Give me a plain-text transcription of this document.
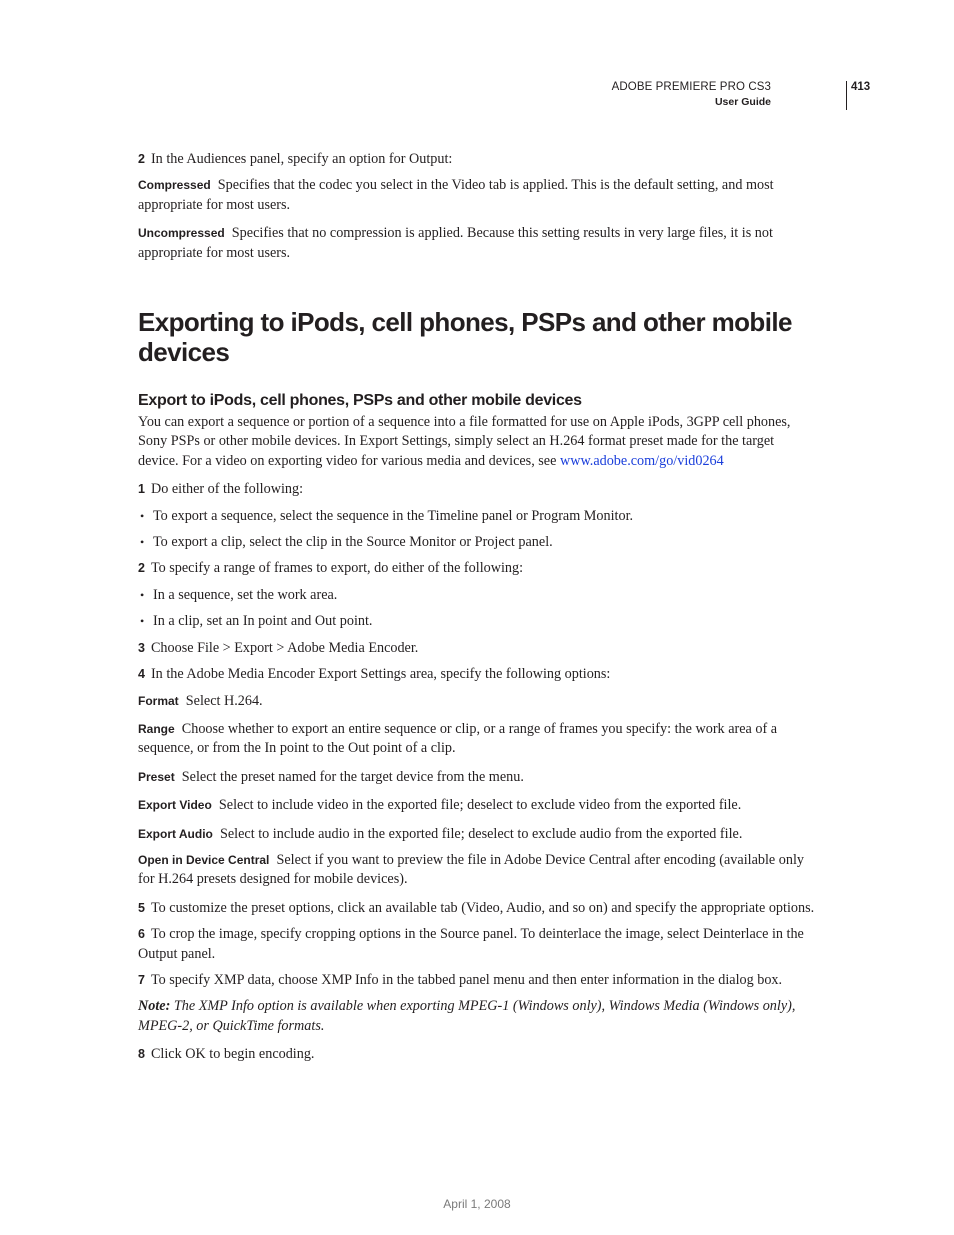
ADOBE PREMIERE PRO CS3
User Guide
413

2 In the Audiences panel, specify an option for Output:

Compressed Specifies that the codec you select in the Video tab is applied. This is the default setting, and most appropriate for most users.

Uncompressed Specifies that no compression is applied. Because this setting results in very large files, it is not appropriate for most users.

Exporting to iPods, cell phones, PSPs and other mobile devices
Export to iPods, cell phones, PSPs and other mobile devices

You can export a sequence or portion of a sequence into a file formatted for use on Apple iPods, 3GPP cell phones, Sony PSPs or other mobile devices. In Export Settings, simply select an H.264 format preset made for the target device. For a video on exporting video for various media and devices, see www.adobe.com/go/vid0264

1 Do either of the following:

• To export a sequence, select the sequence in the Timeline panel or Program Monitor.

• To export a clip, select the clip in the Source Monitor or Project panel.

2 To specify a range of frames to export, do either of the following:

• In a sequence, set the work area.

• In a clip, set an In point and Out point.

3 Choose File > Export > Adobe Media Encoder.

4 In the Adobe Media Encoder Export Settings area, specify the following options:

Format Select H.264.

Range Choose whether to export an entire sequence or clip, or a range of frames you specify: the work area of a sequence, or from the In point to the Out point of a clip.

Preset Select the preset named for the target device from the menu.

Export Video Select to include video in the exported file; deselect to exclude video from the exported file.

Export Audio Select to include audio in the exported file; deselect to exclude audio from the exported file.

Open in Device Central Select if you want to preview the file in Adobe Device Central after encoding (available only for H.264 presets designed for mobile devices).

5 To customize the preset options, click an available tab (Video, Audio, and so on) and specify the appropriate options.

6 To crop the image, specify cropping options in the Source panel. To deinterlace the image, select Deinterlace in the Output panel.

7 To specify XMP data, choose XMP Info in the tabbed panel menu and then enter information in the dialog box.

Note: The XMP Info option is available when exporting MPEG-1 (Windows only), Windows Media (Windows only), MPEG-2, or QuickTime formats.

8 Click OK to begin encoding.

April 1, 2008
